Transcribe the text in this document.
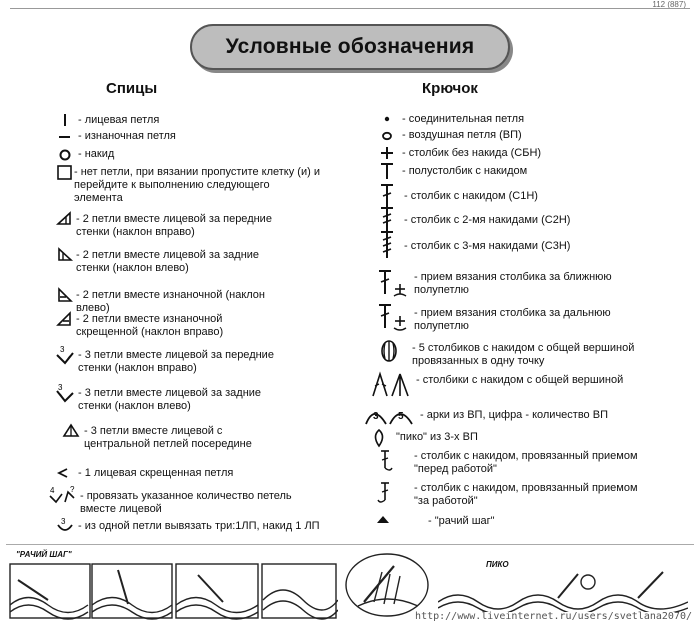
112 (887)
Условные обозначения
Спицы	Крючок
- лицевая петля
- изнаночная петля
- накид
- нет петли, при вязании пропустите клетку (и) и перейдите к выполнению следующего элемента
- 2 петли вместе лицевой за передние стенки (наклон вправо)
- 2 петли вместе лицевой за задние стенки (наклон влево)
- 2 петли вместе изнаночной (наклон влево)
- 2 петли вместе изнаночной скрещенной (наклон вправо)
3 - 3 петли вместе лицевой за передние стенки (наклон вправо)
3 - 3 петли вместе лицевой за задние стенки (наклон влево)
- 3 петли вместе лицевой с центральной петлей посередине
- 1 лицевая скрещенная петля
4 ?
- провязать указанное количество петель вместе лицевой
3 - из одной петли вывязать три:1ЛП, накид 1 ЛП
- соединительная петля
- воздушная петля (ВП)
- столбик без накида (СБН)
- полустолбик с накидом
- столбик с накидом (С1Н)
- столбик с 2-мя накидами (С2Н)
- столбик с 3-мя накидами (С3Н)
- прием вязания столбика за ближнюю полупетлю
- прием вязания столбика за дальнюю полупетлю
- 5 столбиков с накидом с общей вершиной провязанных в одну точку
- столбики с накидом с общей вершиной
3 5 - арки из ВП, цифра - количество ВП
"пико" из 3-х ВП
- столбик с накидом, провязанный приемом "перед работой"
- столбик с накидом, провязанный приемом "за работой"
- "рачий шаг"
"РАЧИЙ ШАГ"
ПИКО
http://www.liveinternet.ru/users/svetlana2070/
